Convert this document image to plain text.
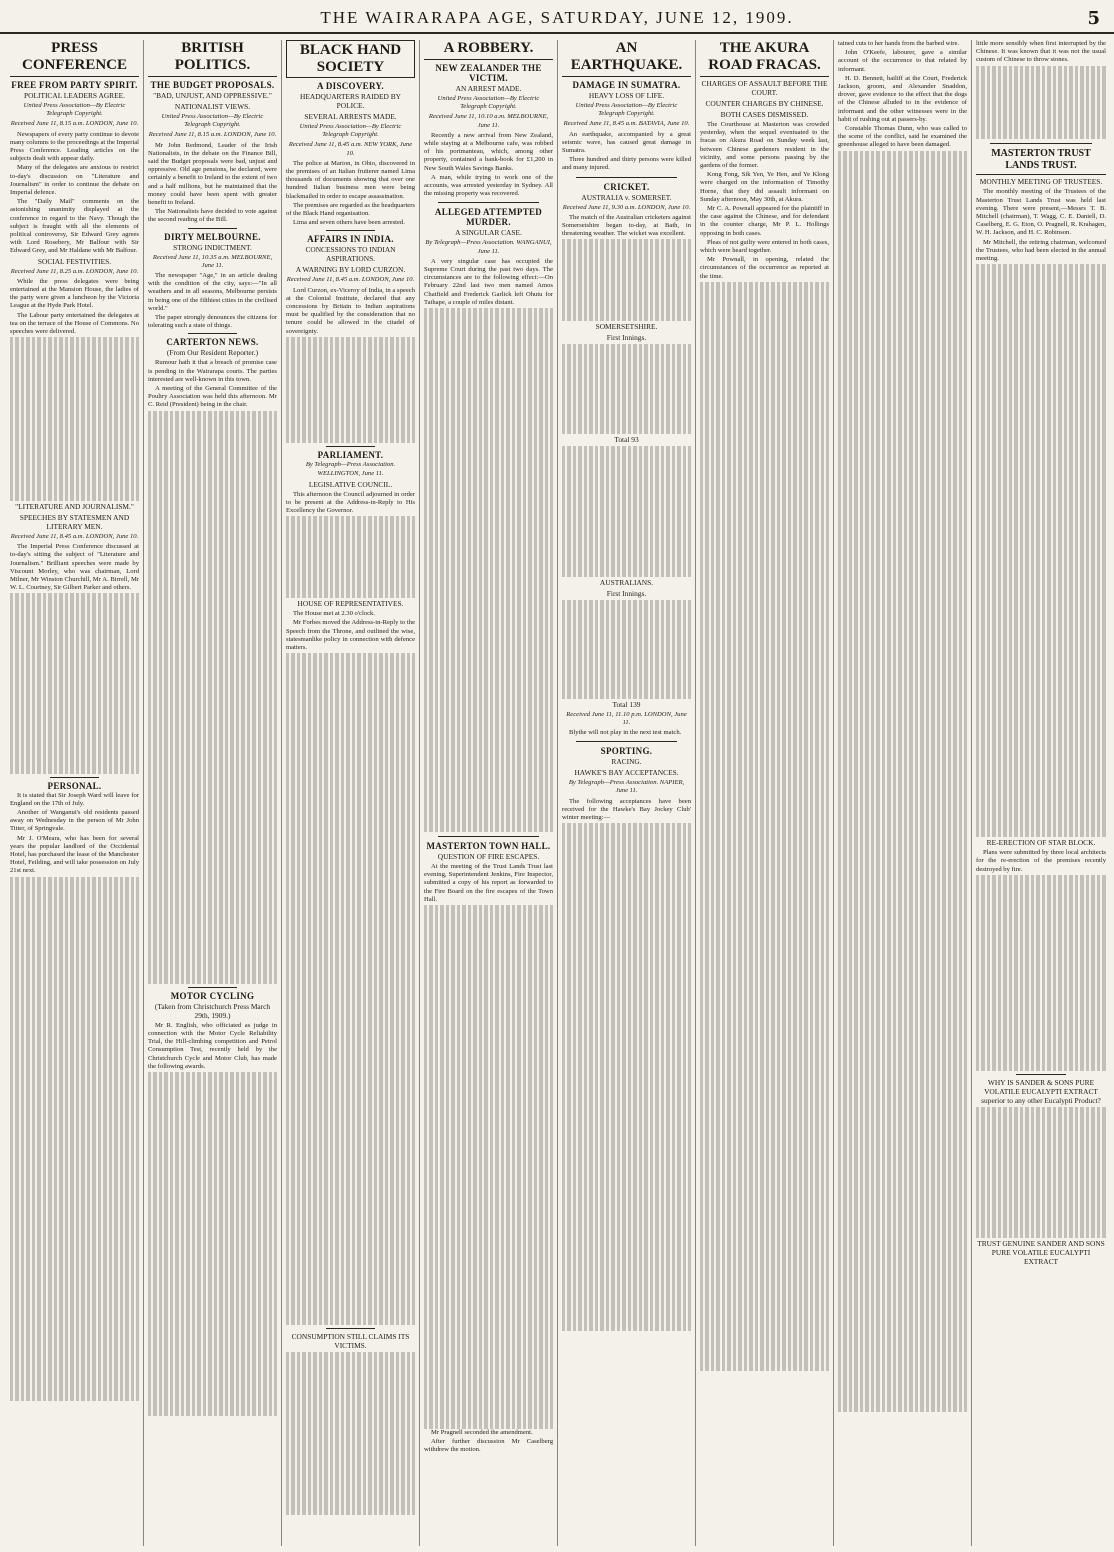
THE WAIRARAPA AGE, SATURDAY, JUNE 12, 1909.	5
PRESS CONFERENCE
FREE FROM PARTY SPIRIT.
POLITICAL LEADERS AGREE.
United Press Association—By Electric Telegraph Copyright.
Received June 11, 8.15 a.m. LONDON, June 10.

Newspapers of every party continue to devote many columns to the proceedings at the Imperial Press Conference. Leading articles on the subjects dealt with appear daily.

Many of the delegates are anxious to restrict to-day's discussion on "Literature and Journalism" in order to continue the debate on Imperial defence.

The "Daily Mail" comments on the astonishing unanimity displayed at the conference in regard to the Navy. Though the subject is fraught with all the elements of political controversy, Sir Edward Grey agrees with Lord Rosebery, Mr Balfour with Sir Edward Grey, and Mr Haldane with Mr Balfour.

SOCIAL FESTIVITIES.
Received June 11, 8.25 a.m. LONDON, June 10.

While the press delegates were being entertained at the Mansion House, the ladies of the party were given a luncheon by the Victoria League at the Hyde Park Hotel.

The Labour party entertained the delegates at tea on the terrace of the House of Commons. No speeches were delivered.

"LITERATURE AND JOURNALISM."
SPEECHES BY STATESMEN AND LITERARY MEN.
Received June 11, 8.45 a.m. LONDON, June 10.

The Imperial Press Conference discussed at to-day's sitting the subject of "Literature and Journalism." Brilliant speeches were made by Viscount Morley, who was chairman, Lord Milner, Mr Winston Churchill, Mr A. Birrell, Mr W. L. Courtney, Sir Gilbert Parker and others.

PERSONAL.

It is stated that Sir Joseph Ward will leave for England on the 17th of July.

Another of Wanganui's old residents passed away on Wednesday in the person of Mr John Titter, of Springvale.

Mr J. O'Meara, who has been for several years the popular landlord of the Occidental Hotel, has purchased the lease of the Manchester Hotel, Feilding, and will take possession on July 21st next.

BRITISH POLITICS.
THE BUDGET PROPOSALS.
"BAD, UNJUST, AND OPPRESSIVE."
NATIONALIST VIEWS.
United Press Association—By Electric Telegraph Copyright.
Received June 11, 8.15 a.m. LONDON, June 10.

Mr John Redmond, Leader of the Irish Nationalists, in the debate on the Finance Bill, said the Budget proposals were bad, unjust and oppressive. Old age pensions, he declared, were certainly a benefit to Ireland to the extent of two and a half millions, but he maintained that the money could have been spent with greater benefit to Ireland.

The Nationalists have decided to vote against the second reading of the Bill.

DIRTY MELBOURNE.
STRONG INDICTMENT.
Received June 11, 10.35 a.m. MELBOURNE, June 11.

The newspaper "Age," in an article dealing with the condition of the city, says:—"In all weathers and in all seasons, Melbourne persists in being one of the filthiest cities in the civilised world."

The paper strongly denounces the citizens for tolerating such a state of things.

CARTERTON NEWS.
(From Our Resident Reporter.)

Rumour hath it that a breach of promise case is pending in the Wairarapa courts. The parties interested are well-known in this town.

A meeting of the General Committee of the Poultry Association was held this afternoon. Mr C. Reid (President) being in the chair.

MOTOR CYCLING
(Taken from Christchurch Press March 29th, 1909.)

Mr R. English, who officiated as judge in connection with the Motor Cycle Reliability Trial, the Hill-climbing competition and Petrol Consumption Test, recently held by the Christchurch Cycle and Motor Club, has made the following awards.

BLACK HAND SOCIETY
A DISCOVERY.
HEADQUARTERS RAIDED BY POLICE.
SEVERAL ARRESTS MADE.
United Press Association—By Electric Telegraph Copyright.
Received June 11, 8.45 a.m. NEW YORK, June 10.

The police at Marion, in Ohio, discovered in the premises of an Italian fruiterer named Lima thousands of documents showing that over one hundred Italian business men were being blackmailed in order to escape assassination.

The premises are regarded as the headquarters of the Black Hand organisation.

Lima and seven others have been arrested.

AFFAIRS IN INDIA.
CONCESSIONS TO INDIAN ASPIRATIONS.
A WARNING BY LORD CURZON.
Received June 11, 8.45 a.m. LONDON, June 10.

Lord Curzon, ex-Viceroy of India, in a speech at the Colonial Institute, declared that any concessions by Britain to Indian aspirations must be qualified by the consideration that no tenure could be allowed in the citadel of sovereignty.

PARLIAMENT.
By Telegraph—Press Association. WELLINGTON, June 11.
LEGISLATIVE COUNCIL.

This afternoon the Council adjourned in order to be present at the Address-in-Reply to His Excellency the Governor.

HOUSE OF REPRESENTATIVES.

The House met at 2.30 o'clock.

Mr Forbes moved the Address-in-Reply to the Speech from the Throne, and outlined the wise, statesmanlike policy in connection with defence matters.

CONSUMPTION STILL CLAIMS ITS VICTIMS.
A ROBBERY.
NEW ZEALANDER THE VICTIM.
AN ARREST MADE.
United Press Association—By Electric Telegraph Copyright.
Received June 11, 10.10 a.m. MELBOURNE, June 11.

Recently a new arrival from New Zealand, while staying at a Melbourne cafe, was robbed of his portmanteau, which, among other property, contained a bank-book for £1,200 in New South Wales Savings Banks.

A man, while trying to work one of the accounts, was arrested yesterday in Sydney. All the missing property was recovered.

ALLEGED ATTEMPTED MURDER.
A SINGULAR CASE.
By Telegraph—Press Association. WANGANUI, June 11.

A very singular case has occupied the Supreme Court during the past two days. The circumstances are to the following effect:—On February 22nd last two men named Amos Chatfield and Frederick Garlick left Ohutu for Taihape, a couple of miles distant.

MASTERTON TOWN HALL.
QUESTION OF FIRE ESCAPES.

At the meeting of the Trust Lands Trust last evening, Superintendent Jenkins, Fire Inspector, submitted a copy of his report as forwarded to the Fire Board on the fire escapes of the Town Hall.

Mr Pragnell seconded the amendment.

After further discussion Mr Caselberg withdrew the motion.

AN EARTHQUAKE.
DAMAGE IN SUMATRA.
HEAVY LOSS OF LIFE.
United Press Association—By Electric Telegraph Copyright.
Received June 11, 8.45 a.m. BATAVIA, June 10.

An earthquake, accompanied by a great seismic wave, has caused great damage in Sumatra.

Three hundred and thirty persons were killed and many injured.

CRICKET.
AUSTRALIA v. SOMERSET.
Received June 11, 9.30 a.m. LONDON, June 10.

The match of the Australian cricketers against Somersetshire began to-day, at Bath, in threatening weather. The wicket was excellent.

SOMERSETSHIRE.
First Innings.
Total 93
AUSTRALIANS.
First Innings.
Total 139
Received June 11, 11.10 p.m. LONDON, June 11.

Blythe will not play in the next test match.

SPORTING.
RACING.
HAWKE'S BAY ACCEPTANCES.
By Telegraph—Press Association. NAPIER, June 11.

The following acceptances have been received for the Hawke's Bay Jockey Club' winter meeting:—

THE AKURA ROAD FRACAS.
CHARGES OF ASSAULT BEFORE THE COURT.
COUNTER CHARGES BY CHINESE.
BOTH CASES DISMISSED.

The Courthouse at Masterton was crowded yesterday, when the sequel eventuated to the fracas on Akura Road on Sunday week last, between Chinese gardeners resident in the vicinity, and some persons passing by the gardens of the former.

Kong Fong, Sik Yen, Ye Hen, and Ye Klong were charged on the information of Timothy Horne, that they did assault informant on Sunday afternoon, May 30th, at Akura.

Mr C. A. Pownall appeared for the plaintiff in the case against the Chinese, and for defendant in the counter charge, Mr P. L. Hollings opposing in both cases.

Pleas of not guilty were entered in both cases, which were heard together.

Mr Pownall, in opening, related the circumstances of the occurrence as reported at the time.

tained cuts to her hands from the barbed wire.

John O'Keefe, labourer, gave a similar account of the occurrence to that related by informant.

H. D. Bennett, bailiff at the Court, Frederick Jackson, groom, and Alexander Snaddon, drover, gave evidence to the effect that the dogs of the Chinese alluded to in the evidence of informant and the other witnesses were in the habit of rushing out at passers-by.

Constable Thomas Dunn, who was called to the scene of the conflict, said he examined the greenhouse alleged to have been damaged.

little more sensibly when first interrupted by the Chinese. It was known that it was not the usual custom of Chinese to throw stones.

MASTERTON TRUST LANDS TRUST.
MONTHLY MEETING OF TRUSTEES.

The monthly meeting of the Trustees of the Masterton Trust Lands Trust was held last evening. There were present,—Messrs T. B. Mitchell (chairman), T. Wagg, C. E. Daniell, D. Caselberg, E. G. Eton, O. Pragnell, R. Krahagen, W. H. Jackson, and H. C. Robinson.

Mr Mitchell, the retiring chairman, welcomed the Trustees, who had been elected in the annual meeting.

RE-ERECTION OF STAR BLOCK.

Plans were submitted by three local architects for the re-erection of the premises recently destroyed by fire.

WHY IS SANDER & SONS PURE VOLATILE EUCALYPTI EXTRACT superior to any other Eucalypti Product?
TRUST GENUINE SANDER AND SONS PURE VOLATILE EUCALYPTI EXTRACT
